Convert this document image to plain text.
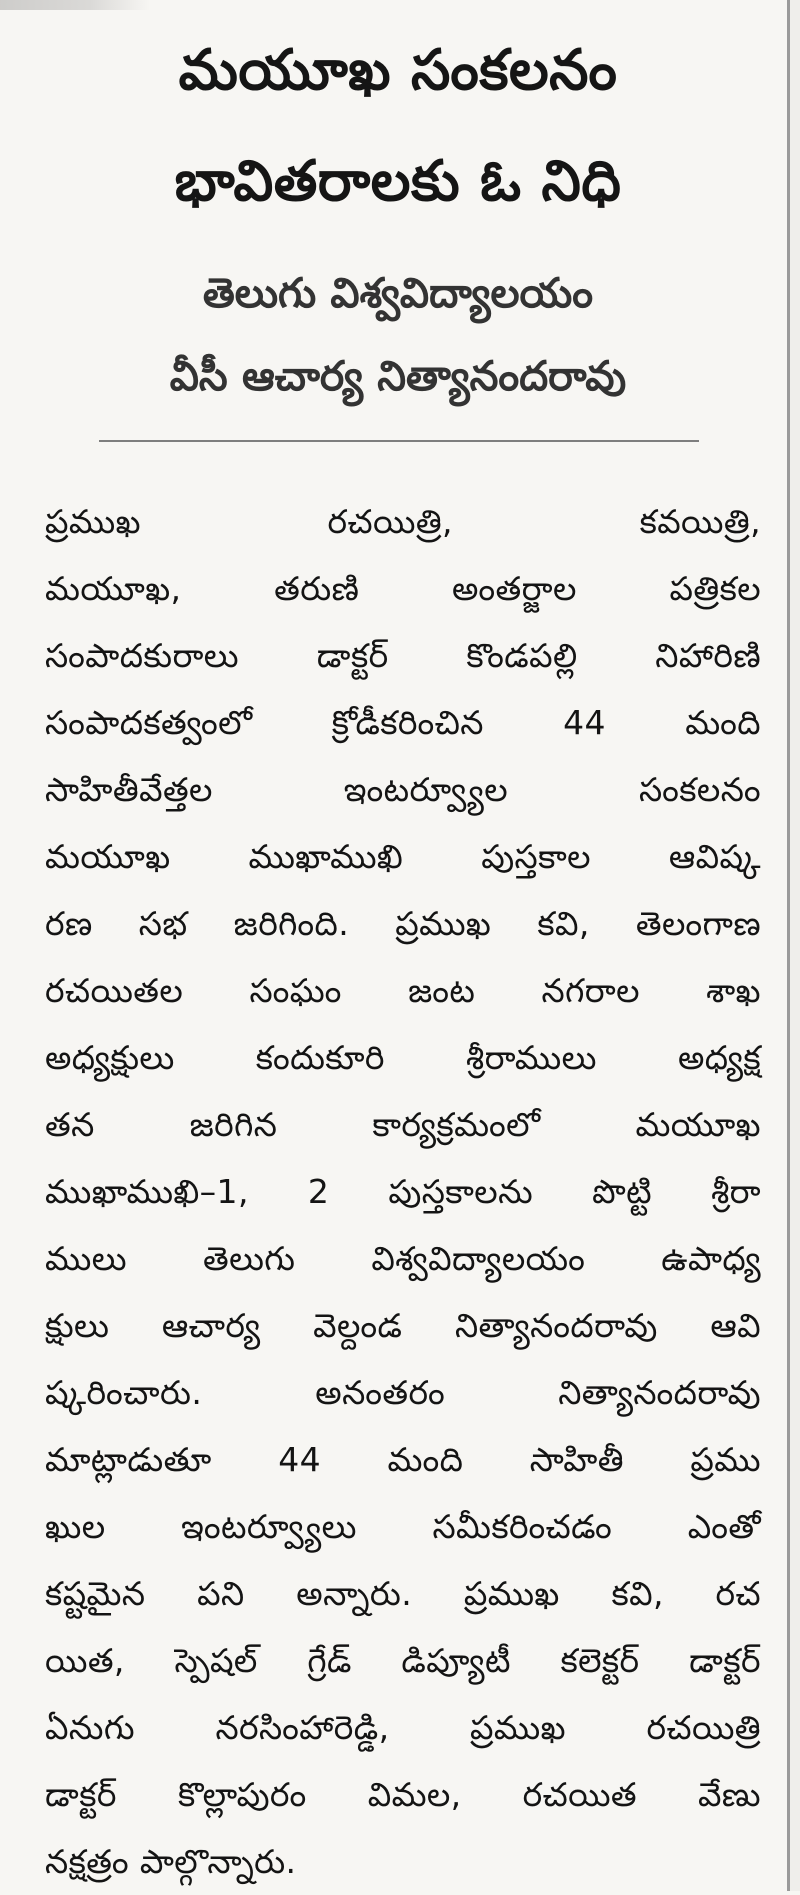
మయూఖ సంకలనం
భావితరాలకు ఓ నిధి
తెలుగు విశ్వవిద్యాలయం
వీసీ ఆచార్య నిత్యానందరావు
ప్రముఖ రచయిత్రి, కవయిత్రి,
మయూఖ, తరుణి అంతర్జాల పత్రికల
సంపాదకురాలు డాక్టర్ కొండపల్లి నిహారిణి
సంపాదకత్వంలో క్రోడీకరించిన 44 మంది
సాహితీవేత్తల ఇంటర్వ్యూల సంకలనం
మయూఖ ముఖాముఖి పుస్తకాల ఆవిష్క
రణ సభ జరిగింది. ప్రముఖ కవి, తెలంగాణ
రచయితల సంఘం జంట నగరాల శాఖ
అధ్యక్షులు కందుకూరి శ్రీరాములు అధ్యక్ష
తన జరిగిన కార్యక్రమంలో మయూఖ
ముఖాముఖి–1, 2 పుస్తకాలను పొట్టి శ్రీరా
ములు తెలుగు విశ్వవిద్యాలయం ఉపాధ్య
క్షులు ఆచార్య వెల్దండ నిత్యానందరావు ఆవి
ష్కరించారు. అనంతరం నిత్యానందరావు
మాట్లాడుతూ 44 మంది సాహితీ ప్రము
ఖుల ఇంటర్వ్యూలు సమీకరించడం ఎంతో
కష్టమైన పని అన్నారు. ప్రముఖ కవి, రచ
యిత, స్పెషల్ గ్రేడ్ డిప్యూటీ కలెక్టర్ డాక్టర్
ఏనుగు నరసింహారెడ్డి, ప్రముఖ రచయిత్రి
డాక్టర్ కొల్లాపురం విమల, రచయిత వేణు
నక్షత్రం పాల్గొన్నారు.
